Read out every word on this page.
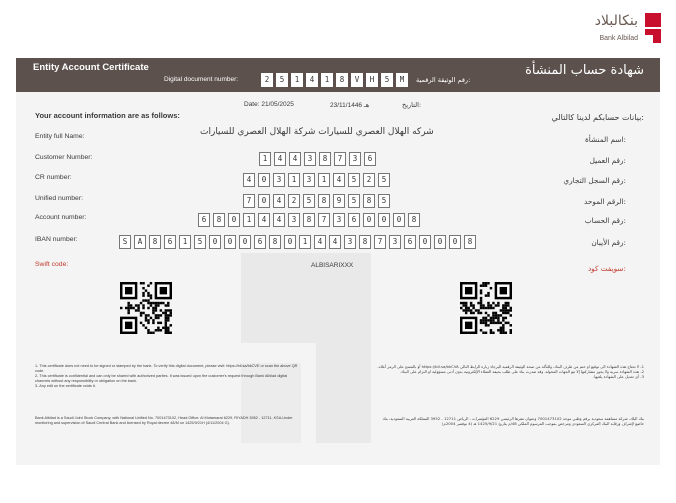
بنكالبلاد
Bank Albilad
Entity Account Certificate	شهادة حساب المنشأة
Digital document number:	رقم الوثيقة الرقمية:
2	5	1	4	1	8	V	H	5	M
Date: 21/05/2025	23/11/1446 هـ	التاريخ:
Your account information are as follows:	بيانات حسابكم لدينا كالتالي:
Entity full Name:	اسم المنشأة:
شركه الهلال العصري للسيارات شركة الهلال العصري للسيارات
Customer Number:	رقم العميل:
1	4	4	3	8	7	3	6
CR number:	رقم السجل التجاري:
4	0	3	1	3	1	4	5	2	5
Unified number:	الرقم الموحد:
7	0	4	2	5	8	9	5	8	5
Account number:	رقم الحساب:
6	8	0	1	4	4	3	8	7	3	6	0	0	0	8
IBAN number:	رقم الأيبان:
S	A	8	6	1	5	0	0	0	6	8	0	1	4	4	3	8	7	3	6	0	0	0	8
Swift code:	سويفت كود:
ALBISARIXXX
1- This certificate does not need to be signed or stamped by the bank. To verify this digital document, please visit: https://bll.sa/bkCVE or scan the above QR code.
2- This certificate is confidential and can only be shared with authorized parties. It was issued upon the customer's request through Bank Albilad digital channels without any responsibility or obligation on the bank.
3- Any edit on the certificate voids it.
1- لا تحتاج هذه الشهادة الى توقيع او ختم من طرف البنك، وللتأكد من صحة الوثيقة الرقمية اليرجاء زيارة الرابط التالي https://bll.sa/bkCVA أو بالمسح على الرمز أعلاه.
2- هذه الشهادة سرية ولا يجوز مشاركتها إلا مع الجهات المخولة، وقد صدرت بناء على طلب بحيفة العملاء الإلكترونية بدون أدنى مسؤولية او التزام على البنك.
3- أي تعديل على الشهادة يلغيها.
Bank Albilad is a Saudi Joint Stock Company, with National Unified No. 7001473102, Head Office: Al Motamarat 6229, RIYADH 3952 - 12711, KSA.Under monitoring and supervision of Saudi Central Bank and licensed by Royal decree 48/M on 1425/9/21H (4/11/2004 G).
بنك البلاد، شركة مساهمة سعودية برقم وطني موحد 7001473102 وعنوان مقرها الرئيسي 6229 المؤتمرات - الرياض 12711 - 3952 المملكة العربية السعودية، بنك خاضع لإشراف ورقابة البنك المركزي السعودي ومرخص بموجب المرسوم الملكي 48/م بتاريخ 1425/9/21 هـ (4 نوفمبر 2004م)
